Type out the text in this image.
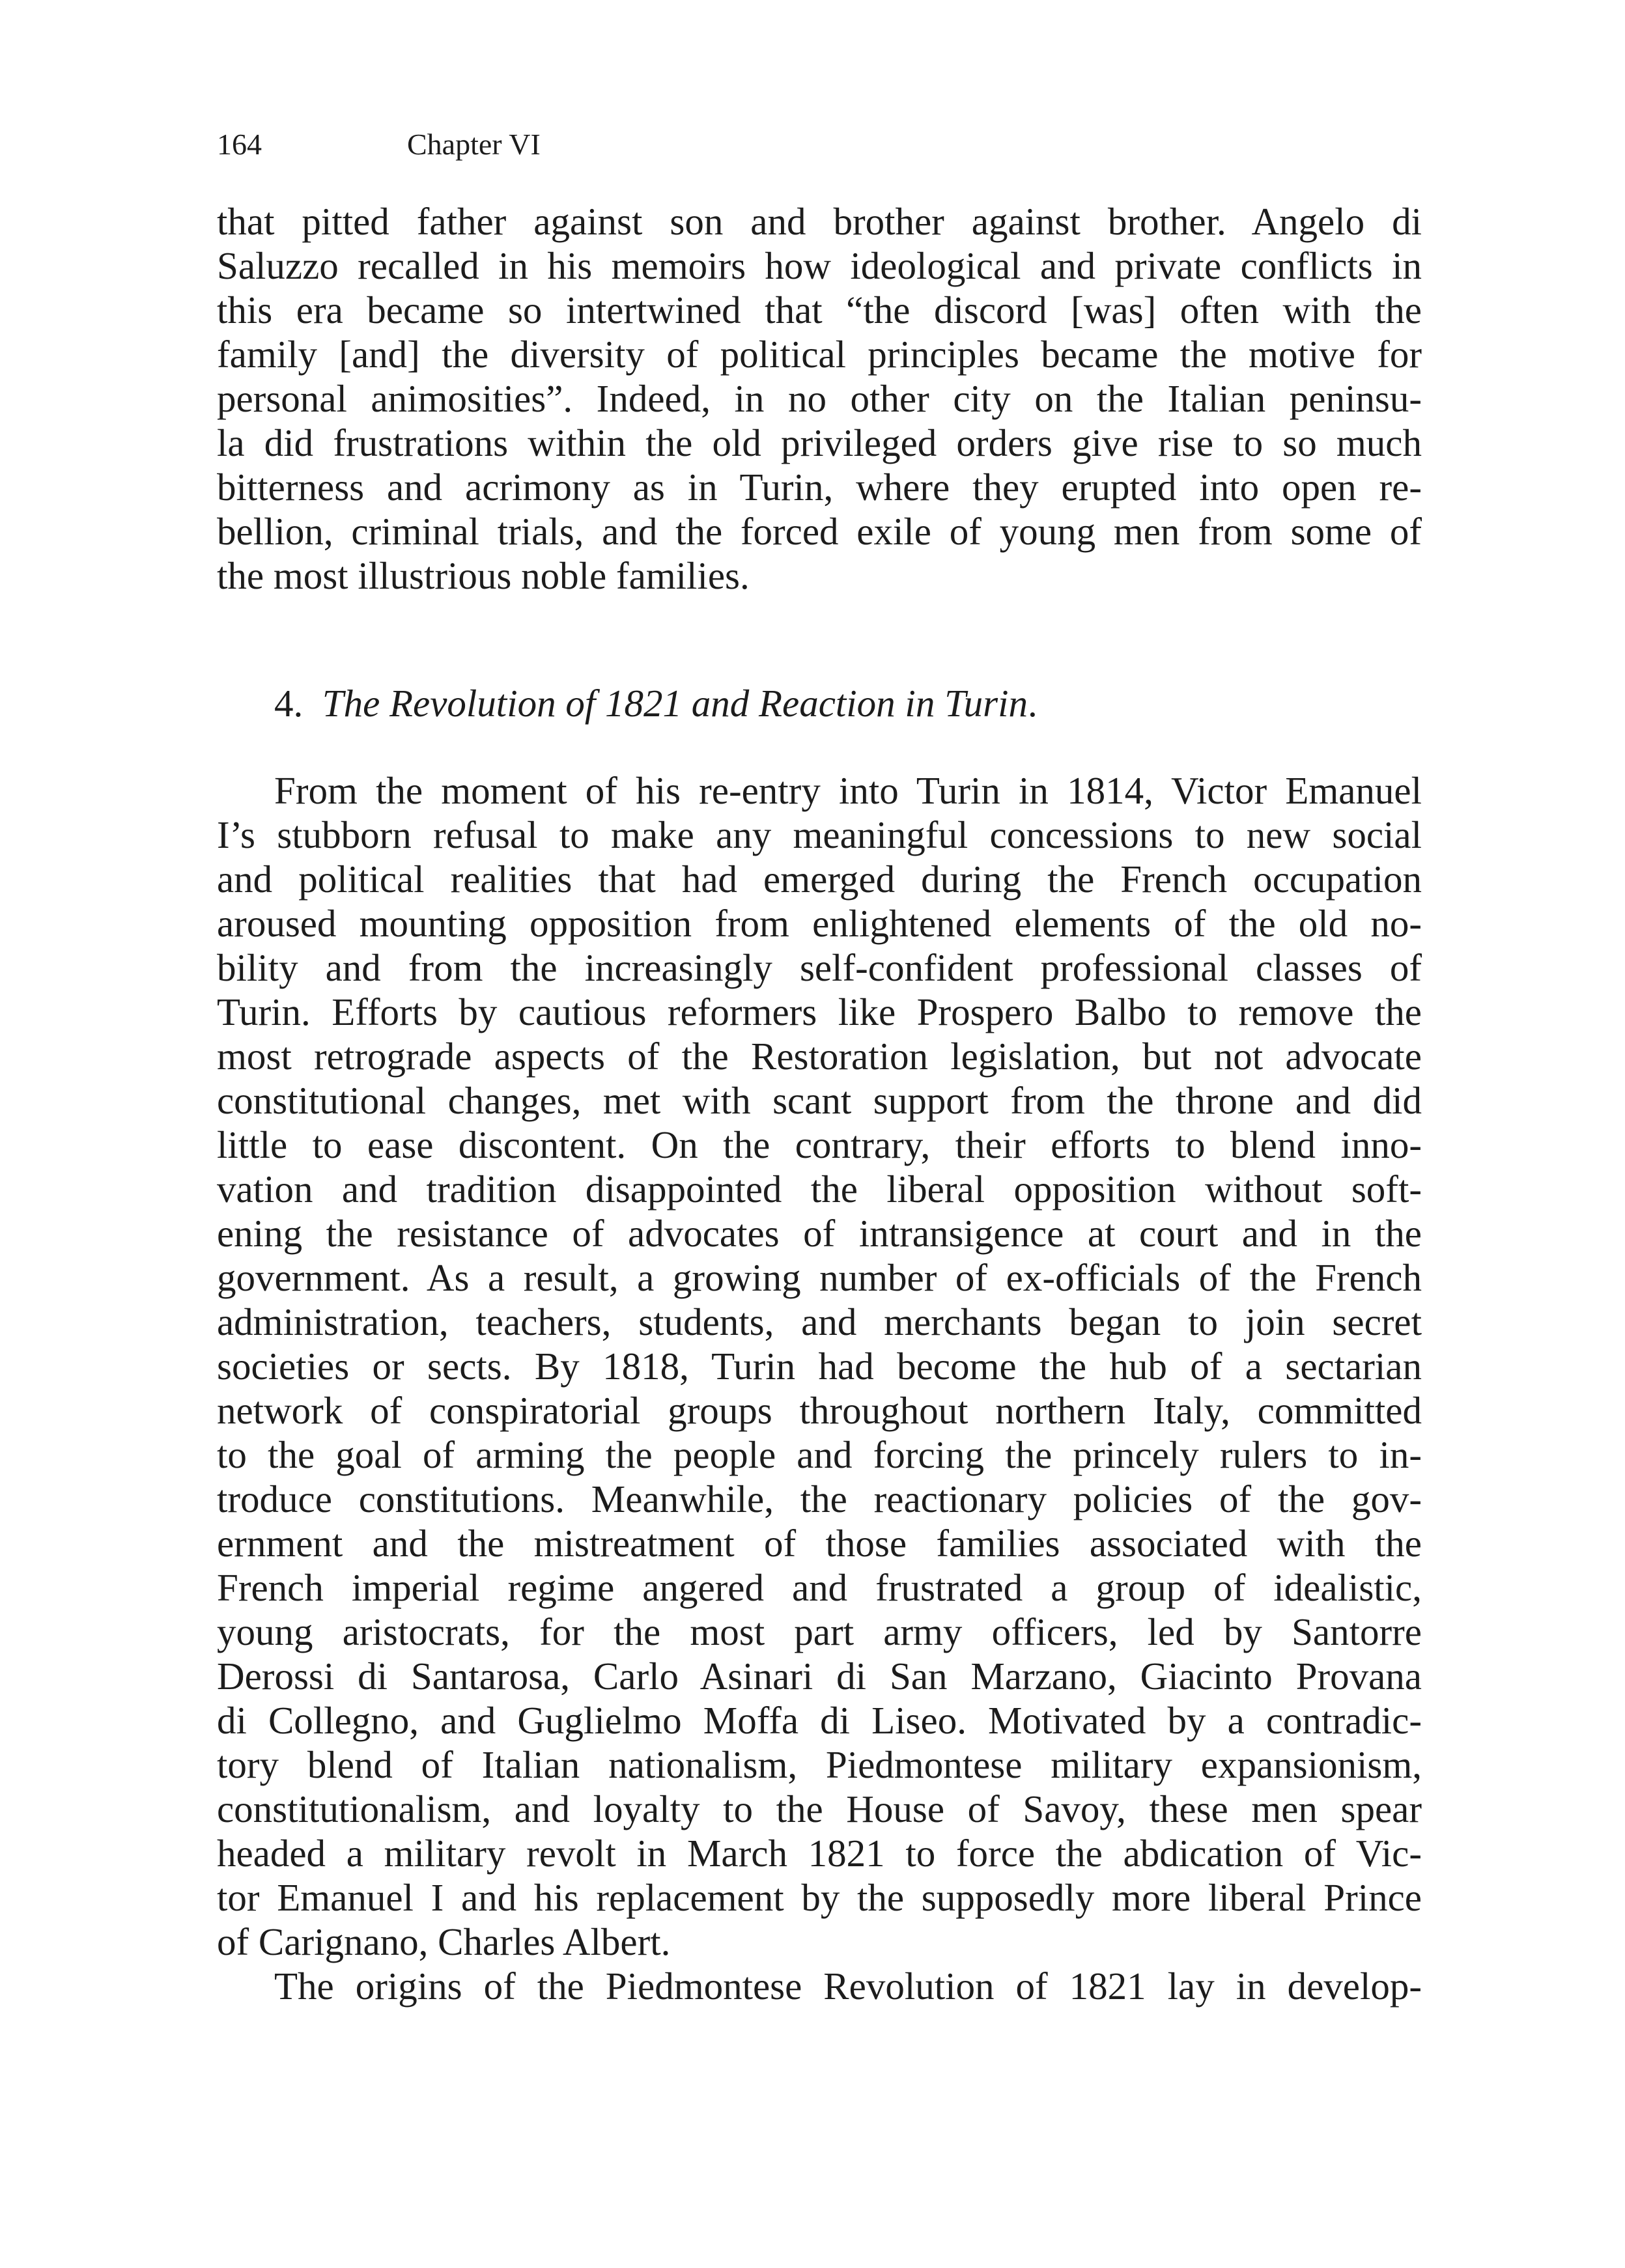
164	Chapter VI
that pitted father against son and brother against brother. Angelo di
Saluzzo recalled in his memoirs how ideological and private conflicts in
this era became so intertwined that “the discord [was] often with the
family [and] the diversity of political principles became the motive for
personal animosities”. Indeed, in no other city on the Italian peninsu-
la did frustrations within the old privileged orders give rise to so much
bitterness and acrimony as in Turin, where they erupted into open re-
bellion, criminal trials, and the forced exile of young men from some of
the most illustrious noble families.
4. The Revolution of 1821 and Reaction in Turin.
From the moment of his re-entry into Turin in 1814, Victor Emanuel
I’s stubborn refusal to make any meaningful concessions to new social
and political realities that had emerged during the French occupation
aroused mounting opposition from enlightened elements of the old no-
bility and from the increasingly self-confident professional classes of
Turin. Efforts by cautious reformers like Prospero Balbo to remove the
most retrograde aspects of the Restoration legislation, but not advocate
constitutional changes, met with scant support from the throne and did
little to ease discontent. On the contrary, their efforts to blend inno-
vation and tradition disappointed the liberal opposition without soft-
ening the resistance of advocates of intransigence at court and in the
government. As a result, a growing number of ex-officials of the French
administration, teachers, students, and merchants began to join secret
societies or sects. By 1818, Turin had become the hub of a sectarian
network of conspiratorial groups throughout northern Italy, committed
to the goal of arming the people and forcing the princely rulers to in-
troduce constitutions. Meanwhile, the reactionary policies of the gov-
ernment and the mistreatment of those families associated with the
French imperial regime angered and frustrated a group of idealistic,
young aristocrats, for the most part army officers, led by Santorre
Derossi di Santarosa, Carlo Asinari di San Marzano, Giacinto Provana
di Collegno, and Guglielmo Moffa di Liseo. Motivated by a contradic-
tory blend of Italian nationalism, Piedmontese military expansionism,
constitutionalism, and loyalty to the House of Savoy, these men spear
headed a military revolt in March 1821 to force the abdication of Vic-
tor Emanuel I and his replacement by the supposedly more liberal Prince
of Carignano, Charles Albert.
The origins of the Piedmontese Revolution of 1821 lay in develop-
